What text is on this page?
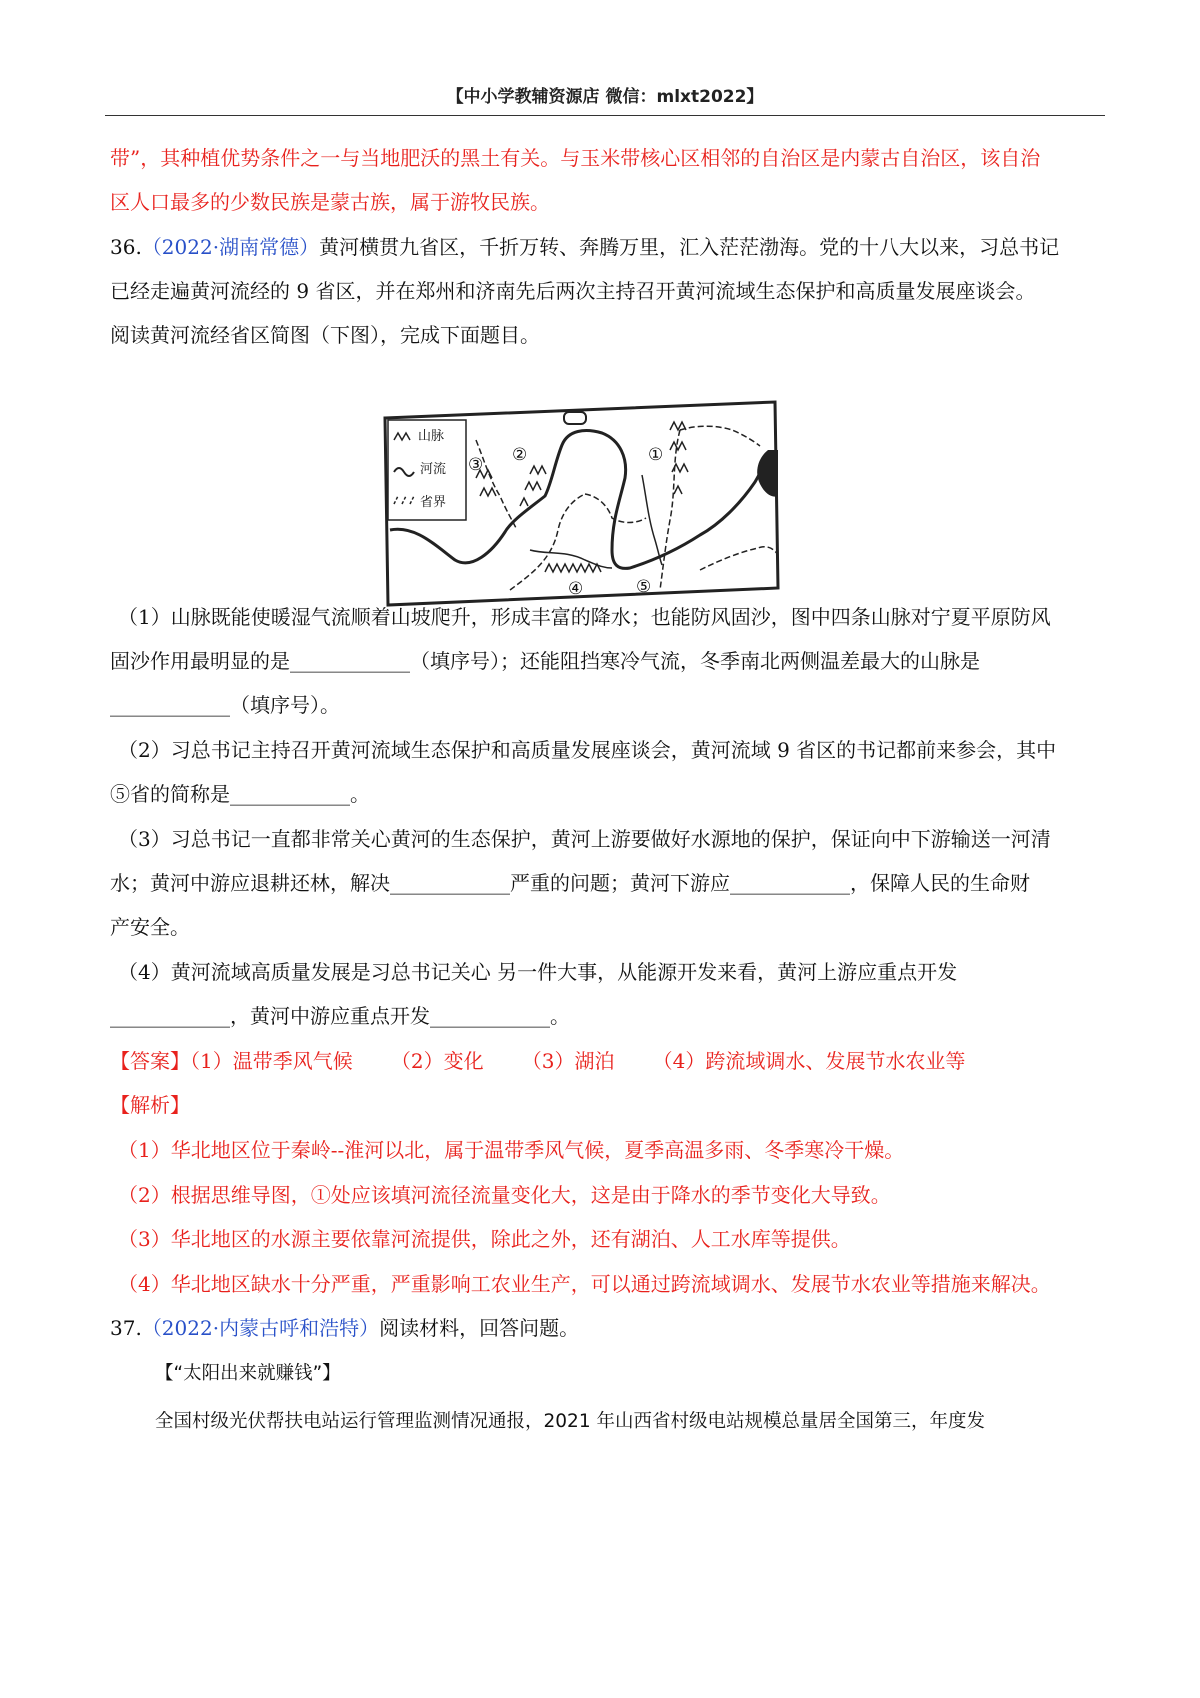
【中小学教辅资源店 微信：mlxt2022】
带”，其种植优势条件之一与当地肥沃的黑土有关。与玉米带核心区相邻的自治区是内蒙古自治区，该自治
区人口最多的少数民族是蒙古族，属于游牧民族。
36.（2022·湖南常德）黄河横贯九省区，千折万转、奔腾万里，汇入茫茫渤海。党的十八大以来，习总书记
已经走遍黄河流经的 9 省区，并在郑州和济南先后两次主持召开黄河流域生态保护和高质量发展座谈会。
阅读黄河流经省区简图（下图），完成下面题目。
山脉
河流
省界
①
②
③
④	⑤
（1）山脉既能使暖湿气流顺着山坡爬升，形成丰富的降水；也能防风固沙，图中四条山脉对宁夏平原防风
固沙作用最明显的是____________（填序号）；还能阻挡寒冷气流，冬季南北两侧温差最大的山脉是
____________（填序号）。
（2）习总书记主持召开黄河流域生态保护和高质量发展座谈会，黄河流域 9 省区的书记都前来参会，其中
⑤省的简称是____________。
（3）习总书记一直都非常关心黄河的生态保护，黄河上游要做好水源地的保护，保证向中下游输送一河清
水；黄河中游应退耕还林，解决____________严重的问题；黄河下游应____________，保障人民的生命财
产安全。
（4）黄河流域高质量发展是习总书记关心 另一件大事，从能源开发来看，黄河上游应重点开发
____________，黄河中游应重点开发____________。
【答案】（1）温带季风气候      （2）变化      （3）湖泊      （4）跨流域调水、发展节水农业等
【解析】
（1）华北地区位于秦岭--淮河以北，属于温带季风气候，夏季高温多雨、冬季寒冷干燥。
（2）根据思维导图，①处应该填河流径流量变化大，这是由于降水的季节变化大导致。
（3）华北地区的水源主要依靠河流提供，除此之外，还有湖泊、人工水库等提供。
（4）华北地区缺水十分严重，严重影响工农业生产，可以通过跨流域调水、发展节水农业等措施来解决。
37.（2022·内蒙古呼和浩特）阅读材料，回答问题。
【“太阳出来就赚钱”】
全国村级光伏帮扶电站运行管理监测情况通报，2021 年山西省村级电站规模总量居全国第三，年度发
